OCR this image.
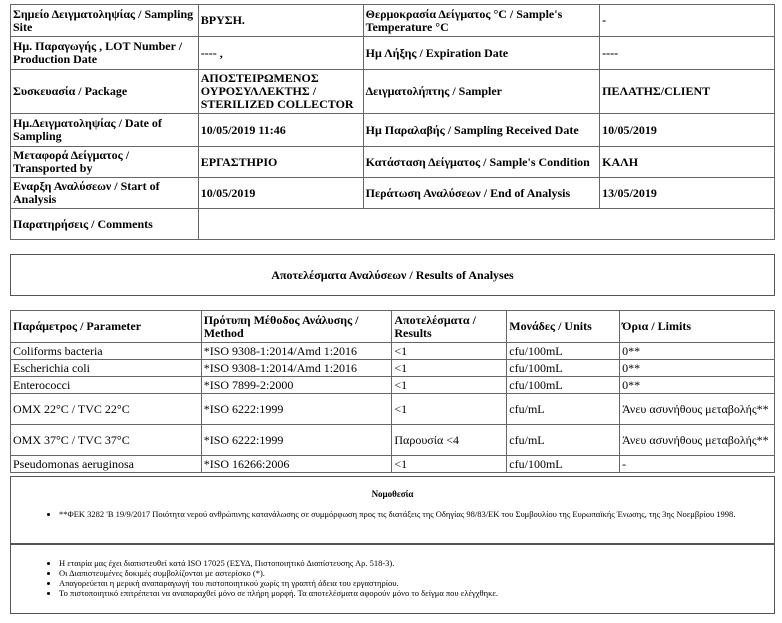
Σημείο Δειγματοληψίας / Sampling Site	ΒΡΥΣΗ.	Θερμοκρασία Δείγματος °C / Sample's Temperature °C	-
Ημ. Παραγωγής , LOT Number / Production Date	---- ,	Ημ Λήξης / Expiration Date	----
Συσκευασία / Package	ΑΠΟΣΤΕΙΡΩΜΕΝΟΣ ΟΥΡΟΣΥΛΛΕΚΤΗΣ / STERILIZED COLLECTOR	Δειγματολήπτης / Sampler	ΠΕΛΑΤΗΣ/CLIENT
Ημ.Δειγματοληψίας / Date of Sampling	10/05/2019 11:46	Ημ Παραλαβής / Sampling Received Date	10/05/2019
Μεταφορά Δείγματος / Transported by	ΕΡΓΑΣΤΗΡΙΟ	Κατάσταση Δείγματος / Sample's Condition	ΚΑΛΗ
Εναρξη Αναλύσεων / Start of Analysis	10/05/2019	Περάτωση Αναλύσεων / End of Analysis	13/05/2019
Παρατηρήσεις / Comments			
Αποτελέσματα Αναλύσεων / Results of Analyses
Παράμετρος / Parameter	Πρότυπη Μέθοδος Ανάλυσης / Method	Αποτελέσματα / Results	Μονάδες / Units	Όρια / Limits
Coliforms bacteria	*ISO 9308-1:2014/Amd 1:2016	<1	cfu/100mL	0**
Escherichia coli	*ISO 9308-1:2014/Amd 1:2016	<1	cfu/100mL	0**
Enterococci	*ISO 7899-2:2000	<1	cfu/100mL	0**
ΟΜΧ 22°C / TVC 22°C	*ISO 6222:1999	<1	cfu/mL	Άνευ ασυνήθους μεταβολής**
ΟΜΧ 37°C / TVC 37°C	*ISO 6222:1999	Παρουσία <4	cfu/mL	Άνευ ασυνήθους μεταβολής**
Pseudomonas aeruginosa	*ISO 16266:2006	<1	cfu/100mL	-
Νομοθεσία
• **ΦΕΚ 3282 'Β 19/9/2017 Ποιότητα νερού ανθρώπινης κατανάλωσης σε συμμόρφωση προς τις διατάξεις της Οδηγίας 98/83/ΕΚ του Συμβουλίου της Ευρωπαϊκής Ένωσης, της 3ης Νοεμβρίου 1998.
• Η εταιρία μας έχει διαπιστευθεί κατά ISO 17025 (ΕΣΥΔ, Πιστοποιητικό Διαπίστευσης Αρ. 518-3).
• Οι Διαπιστευμένες δοκιμές συμβολίζονται με αστερίσκο (*).
• Απαγορεύεται η μερική αναπαραγωγή του πιστοποιητικού χωρίς τη γραπτή άδεια του εργαστηρίου.
• Το πιστοποιητικό επιτρέπεται να αναπαραχθεί μόνο σε πλήρη μορφή. Τα αποτελέσματα αφορούν μόνο το δείγμα που ελέγχθηκε.
